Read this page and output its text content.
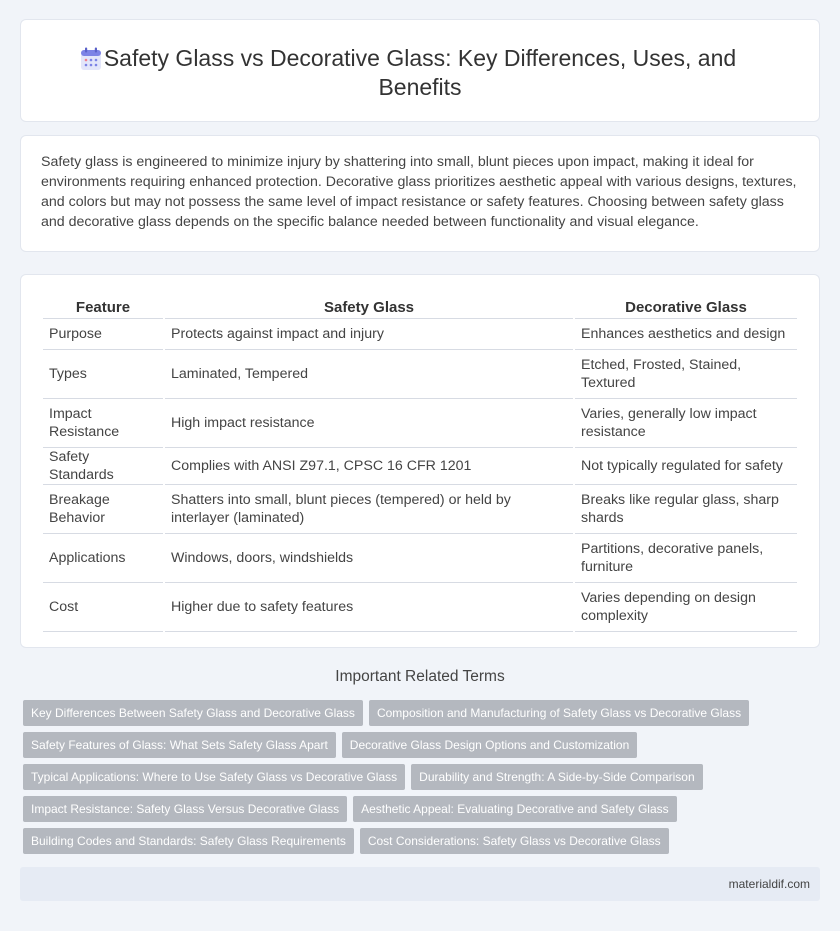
Safety Glass vs Decorative Glass: Key Differences, Uses, and Benefits

Safety glass is engineered to minimize injury by shattering into small, blunt pieces upon impact, making it ideal for environments requiring enhanced protection. Decorative glass prioritizes aesthetic appeal with various designs, textures, and colors but may not possess the same level of impact resistance or safety features. Choosing between safety glass and decorative glass depends on the specific balance needed between functionality and visual elegance.

Feature	Safety Glass	Decorative Glass
Purpose	Protects against impact and injury	Enhances aesthetics and design
Types	Laminated, Tempered	Etched, Frosted, Stained, Textured
Impact Resistance	High impact resistance	Varies, generally low impact resistance
Safety Standards	Complies with ANSI Z97.1, CPSC 16 CFR 1201	Not typically regulated for safety
Breakage Behavior	Shatters into small, blunt pieces (tempered) or held by interlayer (laminated)	Breaks like regular glass, sharp shards
Applications	Windows, doors, windshields	Partitions, decorative panels, furniture
Cost	Higher due to safety features	Varies depending on design complexity
Important Related Terms
Key Differences Between Safety Glass and Decorative Glass	Composition and Manufacturing of Safety Glass vs Decorative Glass
Safety Features of Glass: What Sets Safety Glass Apart	Decorative Glass Design Options and Customization
Typical Applications: Where to Use Safety Glass vs Decorative Glass	Durability and Strength: A Side-by-Side Comparison
Impact Resistance: Safety Glass Versus Decorative Glass	Aesthetic Appeal: Evaluating Decorative and Safety Glass
Building Codes and Standards: Safety Glass Requirements	Cost Considerations: Safety Glass vs Decorative Glass
materialdif.com
